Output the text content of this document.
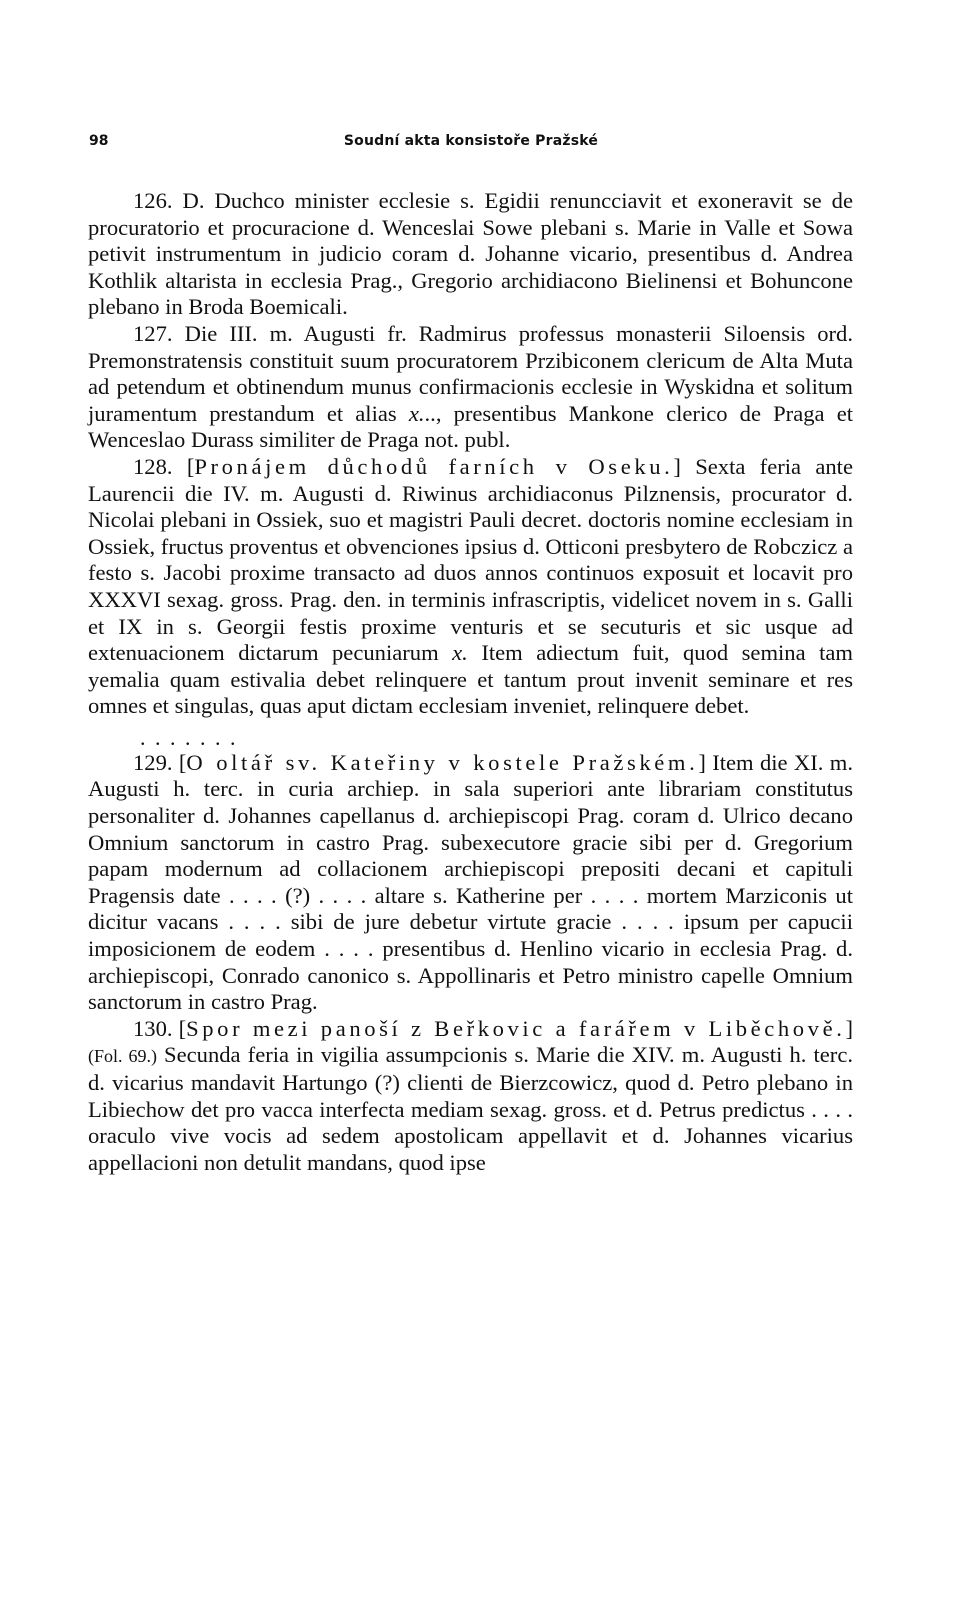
98	Soudní akta konsistoře Pražské

126. D. Duchco minister ecclesie s. Egidii renuncciavit et exoneravit se de procuratorio et procuracione d. Wenceslai Sowe plebani s. Marie in Valle et Sowa petivit instrumentum in judicio coram d. Johanne vicario, presentibus d. Andrea Kothlik altarista in ecclesia Prag., Gregorio archidiacono Bielinensi et Bohuncone plebano in Broda Boemicali.

127. Die III. m. Augusti fr. Radmirus professus monasterii Siloensis ord. Premonstratensis constituit suum procuratorem Przibiconem clericum de Alta Muta ad petendum et obtinendum munus confirmacionis ecclesie in Wyskidna et solitum juramentum prestandum et alias x..., presentibus Mankone clerico de Praga et Wenceslao Durass similiter de Praga not. publ.

128. [Pronájem důchodů farních v Oseku.] Sexta feria ante Laurencii die IV. m. Augusti d. Riwinus archidiaconus Pilznensis, procurator d. Nicolai plebani in Ossiek, suo et magistri Pauli decret. doctoris nomine ecclesiam in Ossiek, fructus proventus et obvenciones ipsius d. Otticoni presbytero de Robczicz a festo s. Jacobi proxime transacto ad duos annos continuos exposuit et locavit pro XXXVI sexag. gross. Prag. den. in terminis infrascriptis, videlicet novem in s. Galli et IX in s. Georgii festis proxime venturis et se secuturis et sic usque ad extenuacionem dictarum pecuniarum x. Item adiectum fuit, quod semina tam yemalia quam estivalia debet relinquere et tantum prout invenit seminare et res omnes et singulas, quas aput dictam ecclesiam inveniet, relinquere debet.

. . . . . . .

129. [O oltář sv. Kateřiny v kostele Pražském.] Item die XI. m. Augusti h. terc. in curia archiep. in sala superiori ante librariam constitutus personaliter d. Johannes capellanus d. archiepiscopi Prag. coram d. Ulrico decano Omnium sanctorum in castro Prag. subexecutore gracie sibi per d. Gregorium papam modernum ad collacionem archiepiscopi prepositi decani et capituli Pragensis date . . . . (?) . . . . altare s. Katherine per . . . . mortem Marziconis ut dicitur vacans . . . . sibi de jure debetur virtute gracie . . . . ipsum per capucii imposicionem de eodem . . . . presentibus d. Henlino vicario in ecclesia Prag. d. archiepiscopi, Conrado canonico s. Appollinaris et Petro ministro capelle Omnium sanctorum in castro Prag.

130. [Spor mezi panoší z Beřkovic a farářem v Liběchově.] (Fol. 69.) Secunda feria in vigilia assumpcionis s. Marie die XIV. m. Augusti h. terc. d. vicarius mandavit Hartungo (?) clienti de Bierzcowicz, quod d. Petro plebano in Libiechow det pro vacca interfecta mediam sexag. gross. et d. Petrus predictus . . . . oraculo vive vocis ad sedem apostolicam appellavit et d. Johannes vicarius appellacioni non detulit mandans, quod ipse
